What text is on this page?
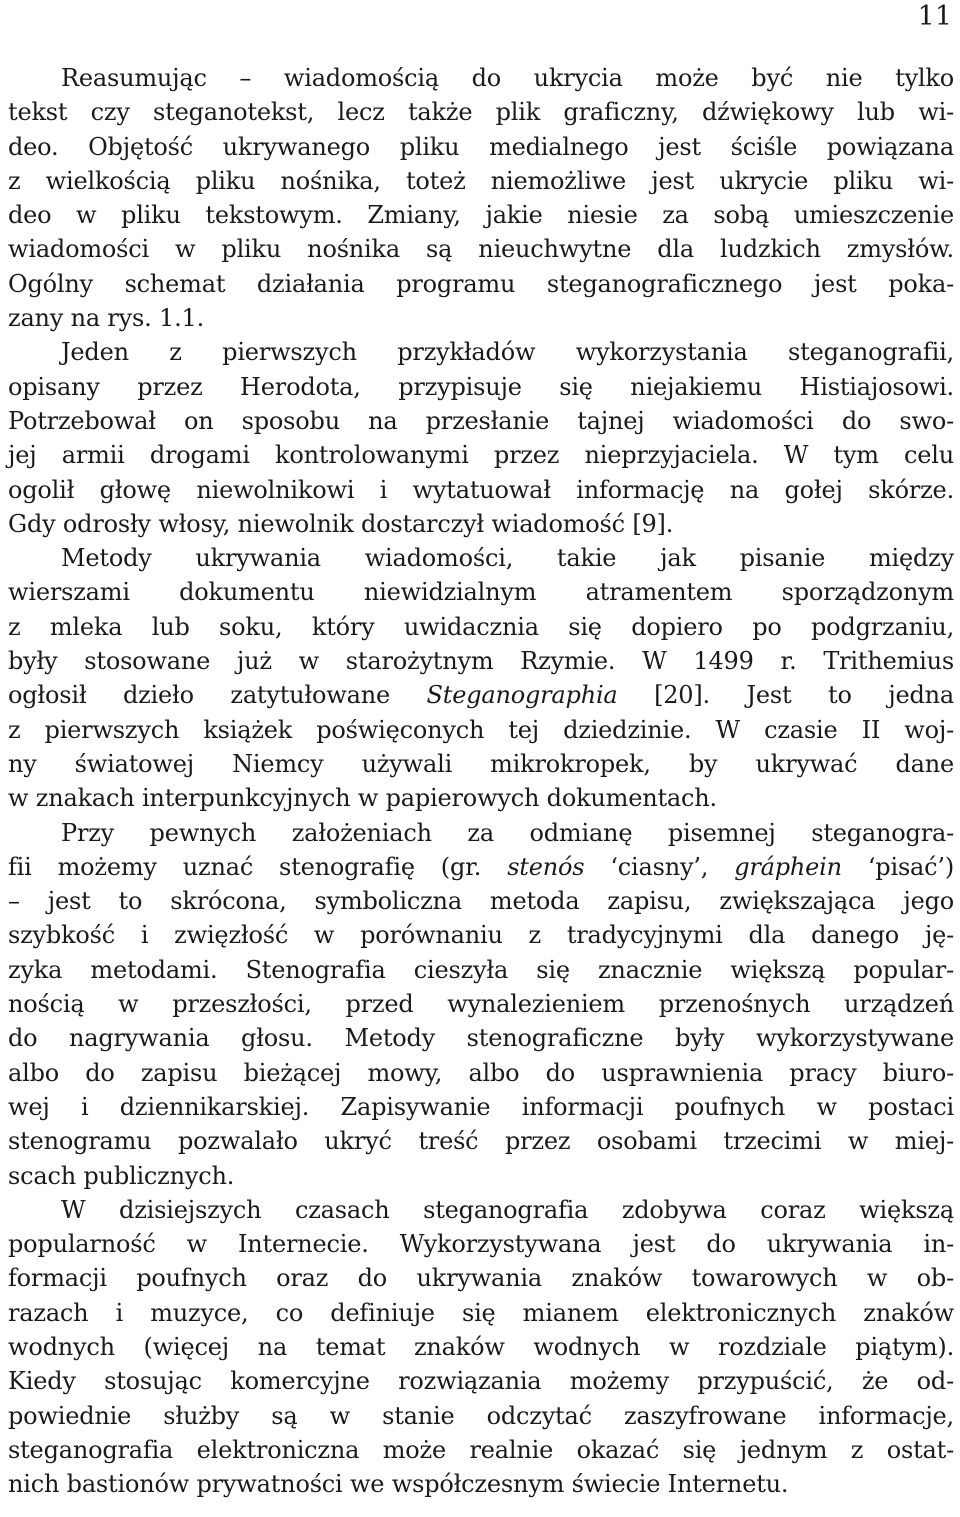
11
Reasumując – wiadomością do ukrycia może być nie tylko
tekst czy steganotekst, lecz także plik graficzny, dźwiękowy lub wi-
deo. Objętość ukrywanego pliku medialnego jest ściśle powiązana
z wielkością pliku nośnika, toteż niemożliwe jest ukrycie pliku wi-
deo w pliku tekstowym. Zmiany, jakie niesie za sobą umieszczenie
wiadomości w pliku nośnika są nieuchwytne dla ludzkich zmysłów.
Ogólny schemat działania programu steganograficznego jest poka-
zany na rys. 1.1.
Jeden z pierwszych przykładów wykorzystania steganografii,
opisany przez Herodota, przypisuje się niejakiemu Histiajosowi.
Potrzebował on sposobu na przesłanie tajnej wiadomości do swo-
jej armii drogami kontrolowanymi przez nieprzyjaciela. W tym celu
ogolił głowę niewolnikowi i wytatuował informację na gołej skórze.
Gdy odrosły włosy, niewolnik dostarczył wiadomość [9].
Metody ukrywania wiadomości, takie jak pisanie między
wierszami dokumentu niewidzialnym atramentem sporządzonym
z mleka lub soku, który uwidacznia się dopiero po podgrzaniu,
były stosowane już w starożytnym Rzymie. W 1499 r. Trithemius
ogłosił dzieło zatytułowane Steganographia [20]. Jest to jedna
z pierwszych książek poświęconych tej dziedzinie. W czasie II woj-
ny światowej Niemcy używali mikrokropek, by ukrywać dane
w znakach interpunkcyjnych w papierowych dokumentach.
Przy pewnych założeniach za odmianę pisemnej steganogra-
fii możemy uznać stenografię (gr. stenós ‘ciasny’, gráphein ‘pisać’)
– jest to skrócona, symboliczna metoda zapisu, zwiększająca jego
szybkość i zwięzłość w porównaniu z tradycyjnymi dla danego ję-
zyka metodami. Stenografia cieszyła się znacznie większą popular-
nością w przeszłości, przed wynalezieniem przenośnych urządzeń
do nagrywania głosu. Metody stenograficzne były wykorzystywane
albo do zapisu bieżącej mowy, albo do usprawnienia pracy biuro-
wej i dziennikarskiej. Zapisywanie informacji poufnych w postaci
stenogramu pozwalało ukryć treść przez osobami trzecimi w miej-
scach publicznych.
W dzisiejszych czasach steganografia zdobywa coraz większą
popularność w Internecie. Wykorzystywana jest do ukrywania in-
formacji poufnych oraz do ukrywania znaków towarowych w ob-
razach i muzyce, co definiuje się mianem elektronicznych znaków
wodnych (więcej na temat znaków wodnych w rozdziale piątym).
Kiedy stosując komercyjne rozwiązania możemy przypuścić, że od-
powiednie służby są w stanie odczytać zaszyfrowane informacje,
steganografia elektroniczna może realnie okazać się jednym z ostat-
nich bastionów prywatności we współczesnym świecie Internetu.
